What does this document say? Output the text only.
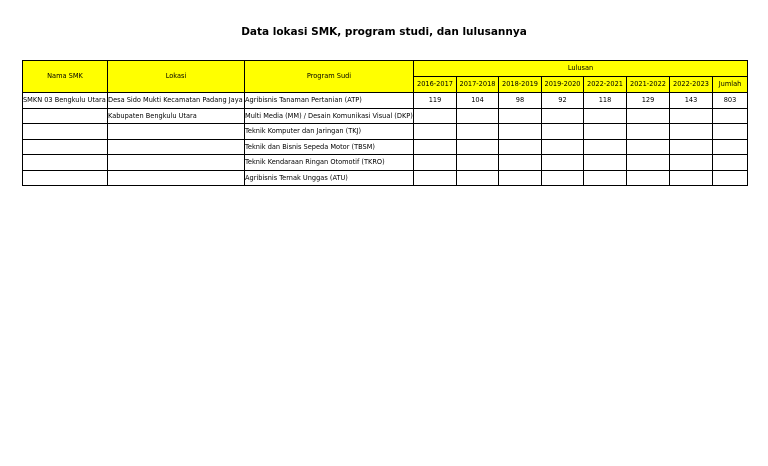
Data lokasi SMK, program studi, dan lulusannya
Nama SMK	Lokasi	Program Sudi	Lulusan							
			2016-2017	2017-2018	2018-2019	2019-2020	2022-2021	2021-2022	2022-2023	Jumlah
SMKN 03 Bengkulu Utara	Desa Sido Mukti Kecamatan Padang Jaya	Agribisnis Tanaman Pertanian (ATP)	119	104	98	92	118	129	143	803
	Kabupaten Bengkulu Utara	Multi Media (MM) / Desain Komunikasi Visual (DKP)								
		Teknik Komputer dan Jaringan (TKJ)								
		Teknik dan Bisnis Sepeda Motor (TBSM)								
		Teknik Kendaraan Ringan Otomotif (TKRO)								
		Agribisnis Ternak Unggas (ATU)								
